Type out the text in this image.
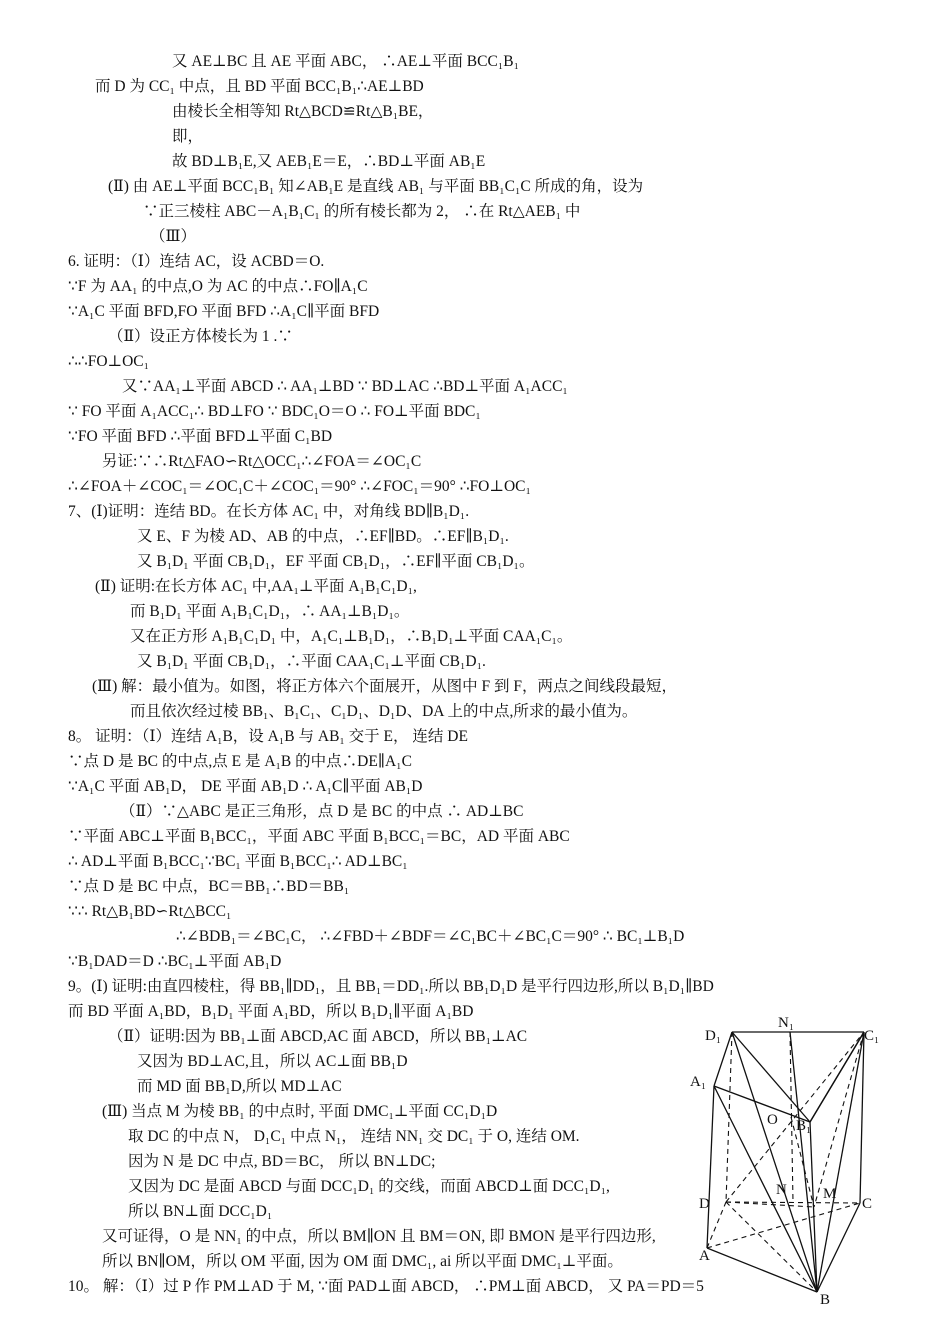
又 AE⊥BC 且 AE 平面 ABC， ∴AE⊥平面 BCC₁B₁
而 D 为 CC₁ 中点，且 BD 平面 BCC₁B₁∴AE⊥BD
由棱长全相等知 Rt△BCD≌Rt△B₁BE，
即，
故 BD⊥B₁E,又 AEB₁E＝E，∴BD⊥平面 AB₁E
(Ⅱ) 由 AE⊥平面 BCC₁B₁ 知∠AB₁E 是直线 AB₁ 与平面 BB₁C₁C 所成的角，设为
∵正三棱柱 ABC－A₁B₁C₁ 的所有棱长都为 2， ∴在 Rt△AEB₁ 中
（Ⅲ）
6. 证明：（Ⅰ）连结 AC，设 ACBD＝O.
∵F 为 AA₁ 的中点,O 为 AC 的中点∴FO∥A₁C
∵A₁C 平面 BFD,FO 平面 BFD ∴A₁C∥平面 BFD
（Ⅱ）设正方体棱长为 1 .∵
∴∴FO⊥OC₁
又∵AA₁⊥平面 ABCD ∴ AA₁⊥BD ∵ BD⊥AC ∴BD⊥平面 A₁ACC₁
∵ FO 平面 A₁ACC₁∴ BD⊥FO ∵ BDC₁O＝O ∴ FO⊥平面 BDC₁
∵FO 平面 BFD ∴平面 BFD⊥平面 C₁BD
另证:∵∴Rt△FAO∽Rt△OCC₁∴∠FOA＝∠OC₁C
∴∠FOA＋∠COC₁＝∠OC₁C＋∠COC₁＝90° ∴∠FOC₁＝90° ∴FO⊥OC₁
7、(Ⅰ)证明：连结 BD。在长方体 AC₁ 中，对角线 BD∥B₁D₁.
又 E、F 为棱 AD、AB 的中点，∴EF∥BD。∴EF∥B₁D₁.
又 B₁D₁ 平面 CB₁D₁，EF 平面 CB₁D₁，∴EF∥平面 CB₁D₁。
(Ⅱ) 证明:在长方体 AC₁ 中,AA₁⊥平面 A₁B₁C₁D₁,
而 B₁D₁ 平面 A₁B₁C₁D₁，∴ AA₁⊥B₁D₁。
又在正方形 A₁B₁C₁D₁ 中，A₁C₁⊥B₁D₁，∴B₁D₁⊥平面 CAA₁C₁。
又 B₁D₁ 平面 CB₁D₁，∴平面 CAA₁C₁⊥平面 CB₁D₁.
(Ⅲ) 解：最小值为。如图，将正方体六个面展开，从图中 F 到 F，两点之间线段最短，
而且依次经过棱 BB₁、B₁C₁、C₁D₁、D₁D、DA 上的中点,所求的最小值为。
8。 证明：（Ⅰ）连结 A₁B，设 A₁B 与 AB₁ 交于 E， 连结 DE
∵点 D 是 BC 的中点,点 E 是 A₁B 的中点∴DE∥A₁C
∵A₁C 平面 AB₁D， DE 平面 AB₁D ∴ A₁C∥平面 AB₁D
（Ⅱ）∵△ABC 是正三角形，点 D 是 BC 的中点 ∴ AD⊥BC
∵平面 ABC⊥平面 B₁BCC₁，平面 ABC 平面 B₁BCC₁＝BC，AD 平面 ABC
∴ AD⊥平面 B₁BCC₁∵BC₁ 平面 B₁BCC₁∴ AD⊥BC₁
∵点 D 是 BC 中点，BC＝BB₁∴BD＝BB₁
∵∴ Rt△B₁BD∽Rt△BCC₁
∴∠BDB₁＝∠BC₁C， ∴∠FBD＋∠BDF＝∠C₁BC＋∠BC₁C＝90° ∴ BC₁⊥B₁D
∵B₁DAD＝D ∴BC₁⊥平面 AB₁D
9。(Ⅰ) 证明:由直四棱柱，得 BB₁∥DD₁，且 BB₁＝DD₁.所以 BB₁D₁D 是平行四边形,所以 B₁D₁∥BD
而 BD 平面 A₁BD，B₁D₁ 平面 A₁BD，所以 B₁D₁∥平面 A₁BD
（Ⅱ）证明:因为 BB₁⊥面 ABCD,AC 面 ABCD，所以 BB₁⊥AC
又因为 BD⊥AC,且，所以 AC⊥面 BB₁D
而 MD 面 BB₁D,所以 MD⊥AC
(Ⅲ) 当点 M 为棱 BB₁ 的中点时, 平面 DMC₁⊥平面 CC₁D₁D
取 DC 的中点 N， D₁C₁ 中点 N₁， 连结 NN₁ 交 DC₁ 于 O, 连结 OM.
因为 N 是 DC 中点, BD＝BC， 所以 BN⊥DC;
又因为 DC 是面 ABCD 与面 DCC₁D₁ 的交线，而面 ABCD⊥面 DCC₁D₁,
所以 BN⊥面 DCC₁D₁
又可证得，O 是 NN₁ 的中点，所以 BM∥ON 且 BM＝ON, 即 BMON 是平行四边形,
所以 BN∥OM，所以 OM 平面, 因为 OM 面 DMC₁, ai 所以平面 DMC₁⊥平面。
10。 解：（Ⅰ）过 P 作 PM⊥AD 于 M, ∵面 PAD⊥面 ABCD， ∴PM⊥面 ABCD， 又 PA＝PD＝5
D₁
N₁
C₁
A₁
O B₁
N M
D	C
A
B
